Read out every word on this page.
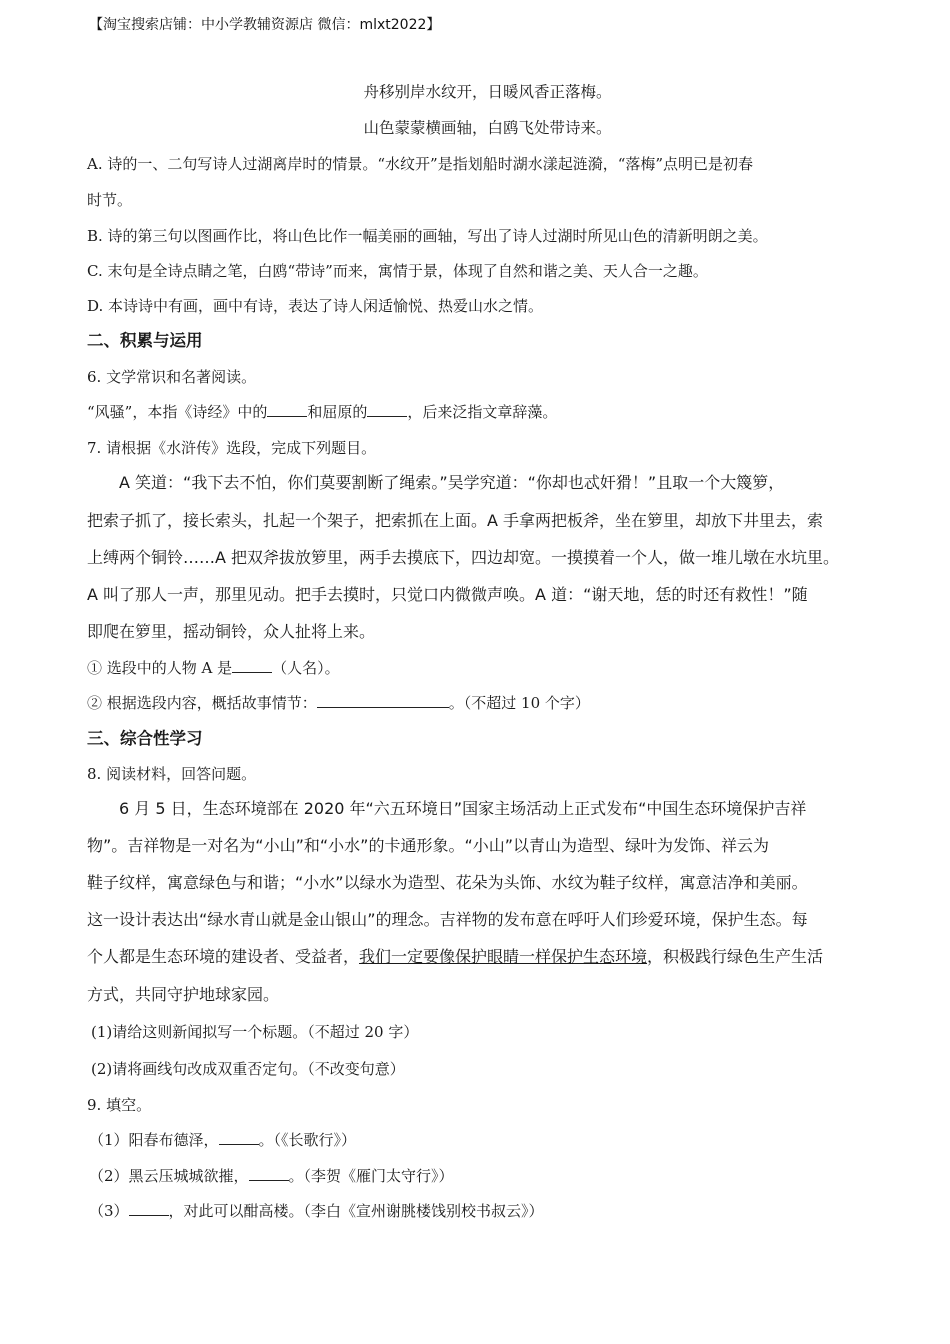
【淘宝搜索店铺：中小学教辅资源店 微信：mlxt2022】
舟移别岸水纹开，日暖风香正落梅。
山色蒙蒙横画轴，白鸥飞处带诗来。
A. 诗的一、二句写诗人过湖离岸时的情景。“水纹开”是指划船时湖水漾起涟漪，“落梅”点明已是初春
时节。
B. 诗的第三句以图画作比，将山色比作一幅美丽的画轴，写出了诗人过湖时所见山色的清新明朗之美。
C. 末句是全诗点睛之笔，白鸥“带诗”而来，寓情于景，体现了自然和谐之美、天人合一之趣。
D. 本诗诗中有画，画中有诗，表达了诗人闲适愉悦、热爱山水之情。
二、积累与运用
6. 文学常识和名著阅读。
“风骚”，本指《诗经》中的	和屈原的	，后来泛指文章辞藻。
7. 请根据《水浒传》选段，完成下列题目。
A 笑道：“我下去不怕，你们莫要割断了绳索。”吴学究道：“你却也忒奸猾！”且取一个大篾箩，
把索子抓了，接长索头，扎起一个架子，把索抓在上面。A 手拿两把板斧，坐在箩里，却放下井里去，索
上缚两个铜铃……A 把双斧拔放箩里，两手去摸底下，四边却宽。一摸摸着一个人，做一堆儿墩在水坑里。
A 叫了那人一声，那里见动。把手去摸时，只觉口内微微声唤。A 道：“谢天地，恁的时还有救性！”随
即爬在箩里，摇动铜铃，众人扯将上来。
① 选段中的人物 A 是	（人名）。
② 根据选段内容，概括故事情节：	。（不超过 10 个字）
三、综合性学习
8. 阅读材料，回答问题。
6 月 5 日，生态环境部在 2020 年“六五环境日”国家主场活动上正式发布“中国生态环境保护吉祥
物”。吉祥物是一对名为“小山”和“小水”的卡通形象。“小山”以青山为造型、绿叶为发饰、祥云为
鞋子纹样，寓意绿色与和谐；“小水”以绿水为造型、花朵为头饰、水纹为鞋子纹样，寓意洁净和美丽。
这一设计表达出“绿水青山就是金山银山”的理念。吉祥物的发布意在呼吁人们珍爱环境，保护生态。每
个人都是生态环境的建设者、受益者，我们一定要像保护眼睛一样保护生态环境，积极践行绿色生产生活
方式，共同守护地球家园。
(1)请给这则新闻拟写一个标题。（不超过 20 字）
(2)请将画线句改成双重否定句。（不改变句意）
9. 填空。
（1）阳春布德泽，	。（《长歌行》）
（2）黑云压城城欲摧，	。（李贺《雁门太守行》）
（3）	，对此可以酣高楼。（李白《宣州谢朓楼饯别校书叔云》）
